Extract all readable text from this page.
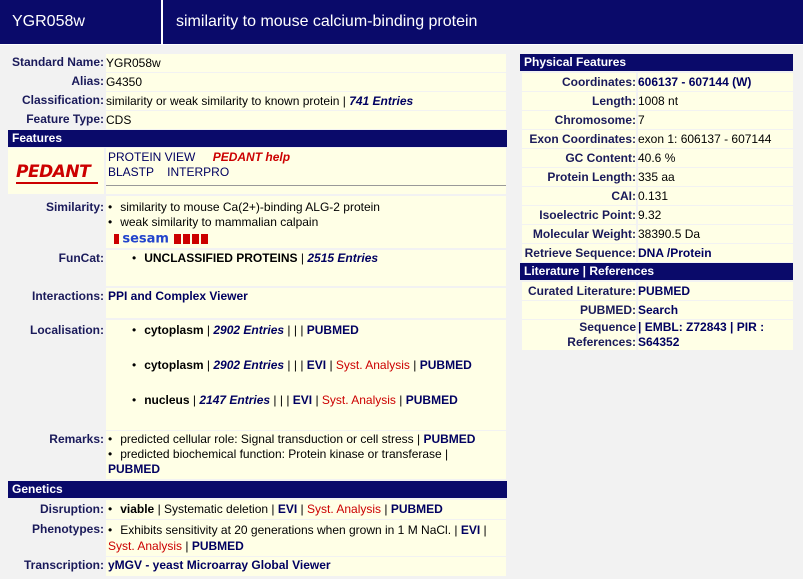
YGR058w	similarity to mouse calcium-binding protein
Standard Name: YGR058w
Alias: G4350
Classification: similarity or weak similarity to known protein | 741 Entries
Feature Type: CDS
Features
PEDANT
PROTEIN VIEW PEDANT help
BLASTP INTERPRO
Similarity:	• similarity to mouse Ca(2+)-binding ALG-2 protein
• weak similarity to mammalian calpain
sesam
FunCat:	• UNCLASSIFIED PROTEINS | 2515 Entries
Interactions: PPI and Complex Viewer
Localisation:	• cytoplasm | 2902 Entries | | | PUBMED
• cytoplasm | 2902 Entries | | | EVI | Syst. Analysis | PUBMED
• nucleus | 2147 Entries | | | EVI | Syst. Analysis | PUBMED
Remarks:	• predicted cellular role: Signal transduction or cell stress | PUBMED
• predicted biochemical function: Protein kinase or transferase |
PUBMED
Genetics
Disruption:	• viable | Systematic deletion | EVI | Syst. Analysis | PUBMED
Phenotypes:	• Exhibits sensitivity at 20 generations when grown in 1 M NaCl. | EVI |
Syst. Analysis | PUBMED
Transcription: yMGV - yeast Microarray Global Viewer
Physical Features
Coordinates: 606137 - 607144 (W)
Length: 1008 nt
Chromosome: 7
Exon Coordinates: exon 1: 606137 - 607144
GC Content: 40.6 %
Protein Length: 335 aa
CAI: 0.131
Isoelectric Point: 9.32
Molecular Weight: 38390.5 Da
Retrieve Sequence: DNA /Protein
Literature | References
Curated Literature: PUBMED
PUBMED: Search
Sequence
References:
| EMBL: Z72843 | PIR :
S64352
